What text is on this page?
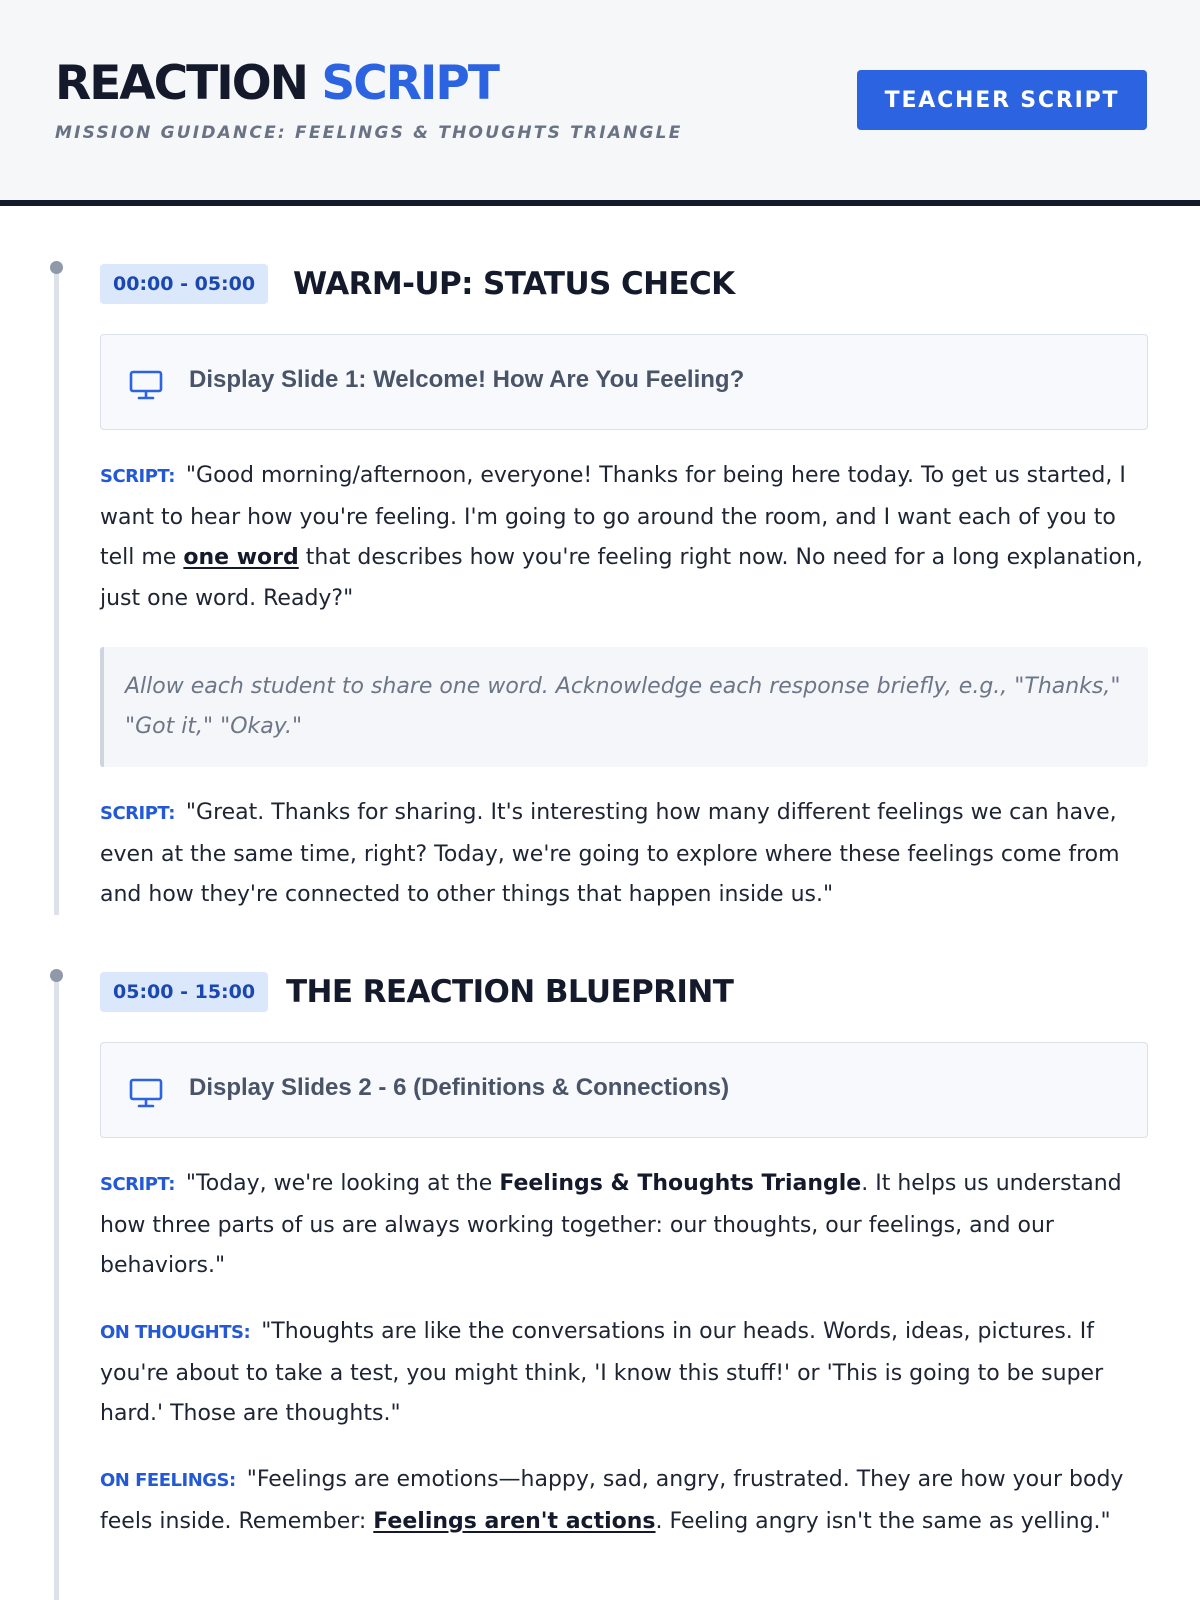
REACTION SCRIPT
MISSION GUIDANCE: FEELINGS & THOUGHTS TRIANGLE
TEACHER SCRIPT
00:00 - 05:00	WARM-UP: STATUS CHECK
Display Slide 1: Welcome! How Are You Feeling?

SCRIPT: "Good morning/afternoon, everyone! Thanks for being here today. To get us started, I want to hear how you're feeling. I'm going to go around the room, and I want each of you to tell me one word that describes how you're feeling right now. No need for a long explanation, just one word. Ready?"

Allow each student to share one word. Acknowledge each response briefly, e.g., "Thanks," "Got it," "Okay."

SCRIPT: "Great. Thanks for sharing. It's interesting how many different feelings we can have, even at the same time, right? Today, we're going to explore where these feelings come from and how they're connected to other things that happen inside us."

05:00 - 15:00 THE REACTION BLUEPRINT
Display Slides 2 - 6 (Definitions & Connections)

SCRIPT: "Today, we're looking at the Feelings & Thoughts Triangle. It helps us understand how three parts of us are always working together: our thoughts, our feelings, and our behaviors."

ON THOUGHTS: "Thoughts are like the conversations in our heads. Words, ideas, pictures. If you're about to take a test, you might think, 'I know this stuff!' or 'This is going to be super hard.' Those are thoughts."

ON FEELINGS: "Feelings are emotions—happy, sad, angry, frustrated. They are how your body feels inside. Remember: Feelings aren't actions. Feeling angry isn't the same as yelling."
